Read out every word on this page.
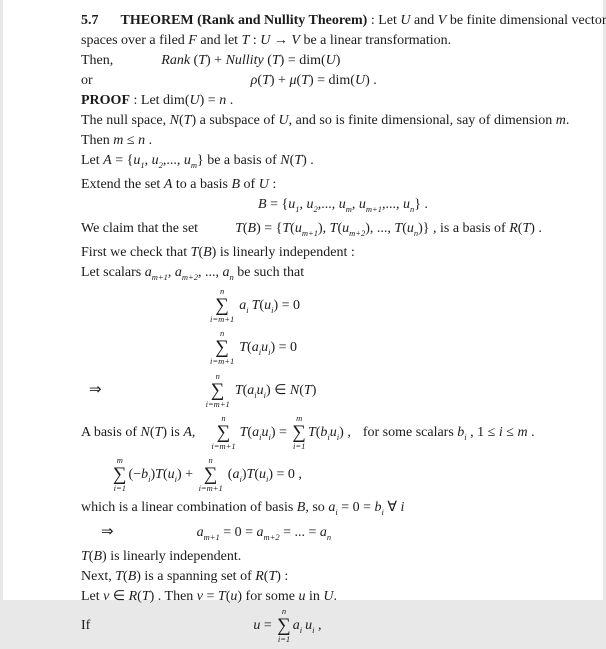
5.7 THEOREM (Rank and Nullity Theorem) : Let U and V be finite dimensional vector
spaces over a filed F and let T : U → V be a linear transformation.
Then,	Rank (T) + Nullity (T) = dim(U)
or	ρ(T) + μ(T) = dim(U) .
PROOF : Let dim(U) = n .
The null space, N(T) a subspace of U, and so is finite dimensional, say of dimension m.
Then m ≤ n .
Let $A = \{u_1$, $u_2$,..., $u_m$} be a basis of N(T) .
Extend the set A to a basis B of U :
$B = \{u_1$, $u_2$,..., $u_m$, $u_{m+1}$,..., $u_n$} .
We claim that the set	$T(B) = \{T(u_{m+1})$, $T(u_{m+2})$, ..., $T(u_n)$} , is a basis of R(T) .
First we check that T(B) is linearly independent :
Let scalars $a_{m+1}$, $a_{m+2}$, ..., $a_n$ be such that
n
∑
i=m+1
$a_i$ $T(u_i) = 0$
n
∑
i=m+1
$T(a_iu_i) = 0$
⇒
n
∑
i=m+1
$T(a_iu_i)$ ∈ N(T)
A basis of N(T) is A,
n
∑
i=m+1
$T(a_iu_i)$ =
m
∑
i=1
$T(b_iu_i)$ , for some scalars $b_i$ , 1 ≤ i ≤ m .
m
∑
i=1
$(-b_i)T(u_i)$ +
n
∑
i=m+1
$(a_i)T(u_i) = 0$ ,
which is a linear combination of basis B, so $a_i = 0 = b_i$ ∀ i
⇒	$a_{m+1} = 0 = a_{m+2}$ = ... = $a_n$
T(B) is linearly independent.
Next, T(B) is a spanning set of R(T) :
Let v ∈ R(T) . Then v = T(u) for some u in U.
If	u =
n
∑
i=1
$a_i$ $u_i$ ,
